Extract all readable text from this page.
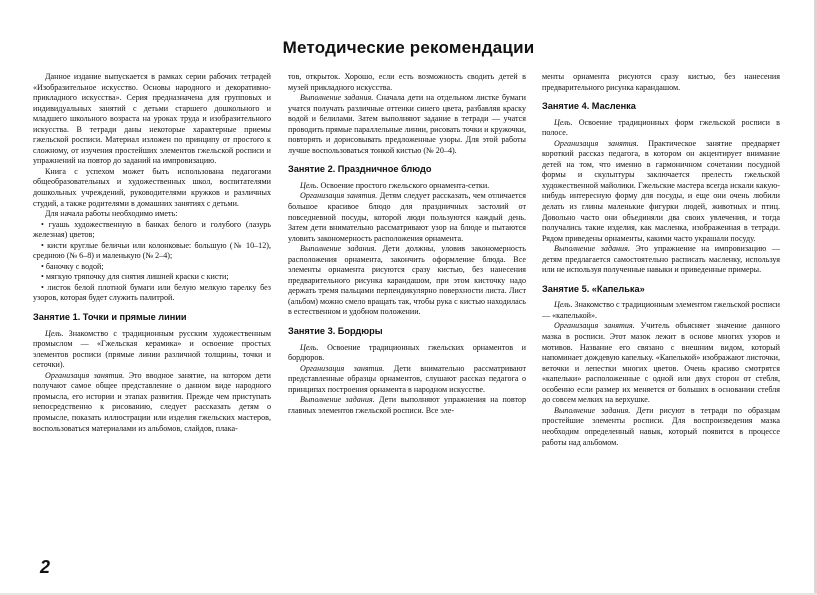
Методические рекомендации

Данное издание выпускается в рамках серии рабочих тетрадей «Изобразительное искусство. Основы народного и декоративно-прикладного искусства». Серия предназначена для групповых и индивидуальных занятий с детьми старшего дошкольного и младшего школьного возраста на уроках труда и изобразительного искусства. В тетради даны некоторые характерные приемы гжельской росписи. Материал изложен по принципу от простого к сложному, от изучения простейших элементов гжельской росписи и упражнений на повтор до заданий на импровизацию.

Книга с успехом может быть использована педагогами общеобразовательных и художественных школ, воспитателями дошкольных учреждений, руководителями кружков и различных студий, а также родителями в домашних занятиях с детьми.

Для начала работы необходимо иметь:

• гуашь художественную в банках белого и голубого (лазурь железная) цветов;

• кисти круглые беличьи или колонковые: большую (№ 10–12), среднюю (№ 6–8) и маленькую (№ 2–4);

• баночку с водой;

• мягкую тряпочку для снятия лишней краски с кисти;

• листок белой плотной бумаги или белую мелкую тарелку без узоров, которая будет служить палитрой.

Занятие 1. Точки и прямые линии

Цель. Знакомство с традиционным русским художественным промыслом — «Гжельская керамика» и освоение простых элементов росписи (прямые линии различной толщины, точки и сеточки).

Организация занятия. Это вводное занятие, на котором дети получают самое общее представление о данном виде народного промысла, его истории и этапах развития. Прежде чем приступать непосредственно к рисованию, следует рассказать детям о промысле, показать иллюстрации или изделия гжельских мастеров, воспользоваться материалами из альбомов, слайдов, плака-

тов, открыток. Хорошо, если есть возможность сводить детей в музей прикладного искусства.

Выполнение задания. Сначала дети на отдельном листке бумаги учатся получать различные оттенки синего цвета, разбавляя краску водой и белилами. Затем выполняют задание в тетради — учатся проводить прямые параллельные линии, рисовать точки и кружочки, повторять и дорисовывать предложенные узоры. Для этой работы лучше воспользоваться тонкой кистью (№ 20–4).

Занятие 2. Праздничное блюдо

Цель. Освоение простого гжельского орнамента-сетки.

Организация занятия. Детям следует рассказать, чем отличается большое красивое блюдо для праздничных застолий от повседневной посуды, которой люди пользуются каждый день. Затем дети внимательно рассматривают узор на блюде и пытаются уловить закономерность расположения орнамента.

Выполнение задания. Дети должны, уловив закономерность расположения орнамента, закончить оформление блюда. Все элементы орнамента рисуются сразу кистью, без нанесения предварительного рисунка карандашом, при этом кисточку надо держать тремя пальцами перпендикулярно поверхности листа. Лист (альбом) можно смело вращать так, чтобы рука с кистью находилась в естественном и удобном положении.

Занятие 3. Бордюры

Цель. Освоение традиционных гжельских орнаментов и бордюров.

Организация занятия. Дети внимательно рассматривают представленные образцы орнаментов, слушают рассказ педагога о принципах построения орнамента в народном искусстве.

Выполнение задания. Дети выполняют упражнения на повтор главных элементов гжельской росписи. Все эле-

менты орнамента рисуются сразу кистью, без нанесения предварительного рисунка карандашом.

Занятие 4. Масленка

Цель. Освоение традиционных форм гжельской росписи в полосе.

Организация занятия. Практическое занятие предваряет короткий рассказ педагога, в котором он акцентирует внимание детей на том, что именно в гармоничном сочетании посудной формы и скульптуры заключается прелесть гжельской художественной майолики. Гжельские мастера всегда искали какую-нибудь интересную форму для посуды, и еще они очень любили делать из глины маленькие фигурки людей, животных и птиц. Довольно часто они объединяли два своих увлечения, и тогда получались такие изделия, как масленка, изображенная в тетради. Рядом приведены орнаменты, какими часто украшали посуду.

Выполнение задания. Это упражнение на импровизацию — детям предлагается самостоятельно расписать масленку, используя или не используя полученные навыки и приведенные примеры.

Занятие 5. «Капелька»

Цель. Знакомство с традиционным элементом гжельской росписи — «капелькой».

Организация занятия. Учитель объясняет значение данного мазка в росписи. Этот мазок лежит в основе многих узоров и мотивов. Название его связано с внешним видом, который напоминает дождевую капельку. «Капелькой» изображают листочки, веточки и лепестки многих цветов. Очень красиво смотрятся «капельки» расположенные с одной или двух сторон от стебля, особенно если размер их меняется от больших в основании стебля до совсем мелких на верхушке.

Выполнение задания. Дети рисуют в тетради по образцам простейшие элементы росписи. Для воспроизведения мазка необходим определенный навык, который появится в процессе работы над альбомом.

2
